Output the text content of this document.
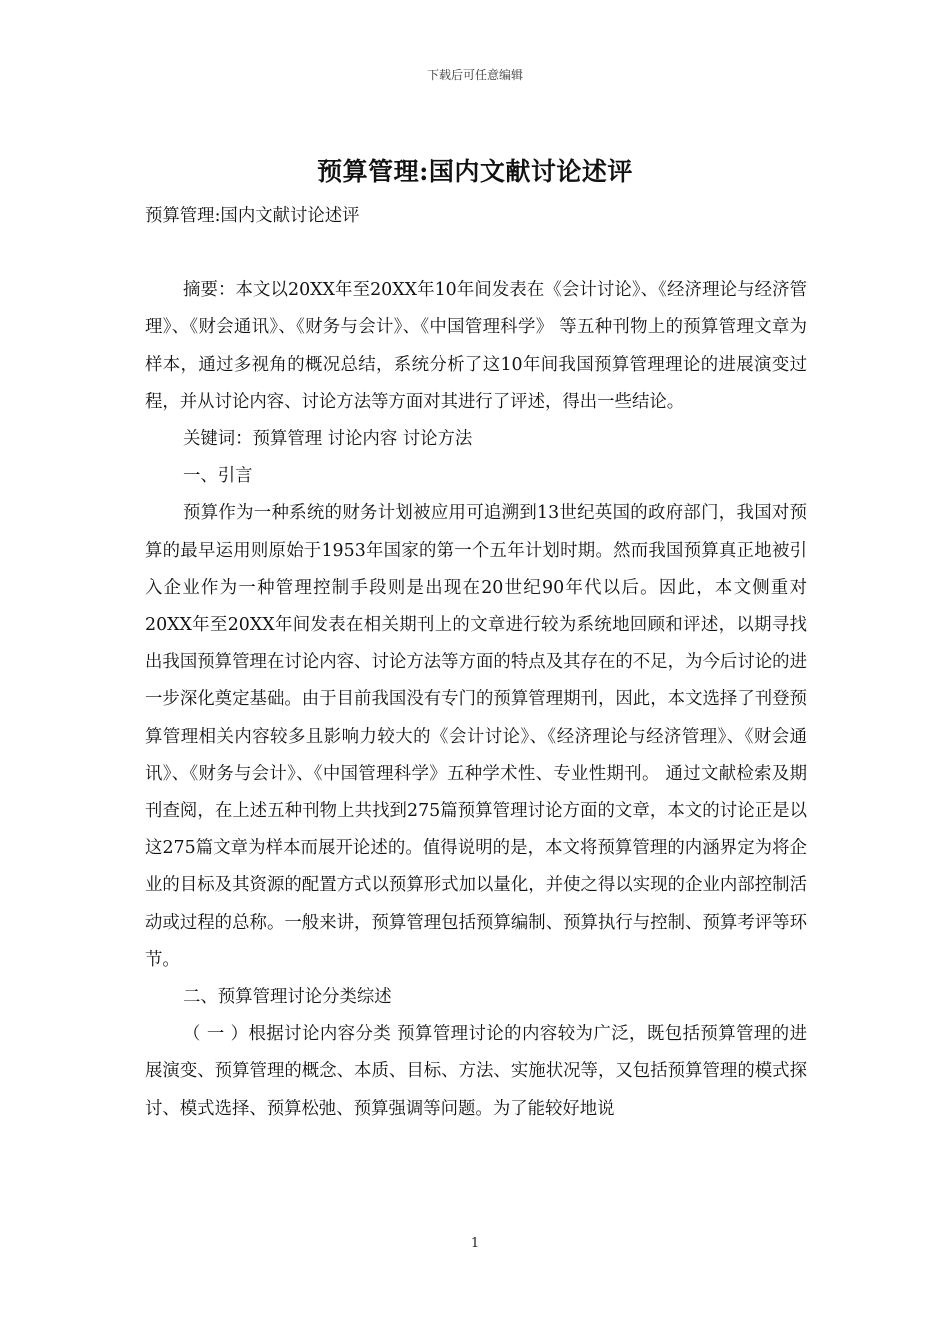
下载后可任意编辑
预算管理:国内文献讨论述评

预算管理:国内文献讨论述评

摘要：本文以20XX年至20XX年10年间发表在《会计讨论》、《经济理论与经济管理》、《财会通讯》、《财务与会计》、《中国管理科学》 等五种刊物上的预算管理文章为样本，通过多视角的概况总结，系统分析了这10年间我国预算管理理论的进展演变过程，并从讨论内容、讨论方法等方面对其进行了评述，得出一些结论。

关键词：预算管理 讨论内容 讨论方法

一、引言

预算作为一种系统的财务计划被应用可追溯到13世纪英国的政府部门，我国对预算的最早运用则原始于1953年国家的第一个五年计划时期。然而我国预算真正地被引入企业作为一种管理控制手段则是出现在20世纪90年代以后。因此，本文侧重对20XX年至20XX年间发表在相关期刊上的文章进行较为系统地回顾和评述，以期寻找出我国预算管理在讨论内容、讨论方法等方面的特点及其存在的不足，为今后讨论的进一步深化奠定基础。由于目前我国没有专门的预算管理期刊，因此，本文选择了刊登预算管理相关内容较多且影响力较大的《会计讨论》、《经济理论与经济管理》、《财会通讯》、《财务与会计》、《中国管理科学》五种学术性、专业性期刊。 通过文献检索及期刊查阅，在上述五种刊物上共找到275篇预算管理讨论方面的文章，本文的讨论正是以这275篇文章为样本而展开论述的。值得说明的是，本文将预算管理的内涵界定为将企业的目标及其资源的配置方式以预算形式加以量化，并使之得以实现的企业内部控制活动或过程的总称。一般来讲，预算管理包括预算编制、预算执行与控制、预算考评等环节。

二、预算管理讨论分类综述

（ 一 ）根据讨论内容分类 预算管理讨论的内容较为广泛，既包括预算管理的进展演变、预算管理的概念、本质、目标、方法、实施状况等，又包括预算管理的模式探讨、模式选择、预算松弛、预算强调等问题。为了能较好地说

1
